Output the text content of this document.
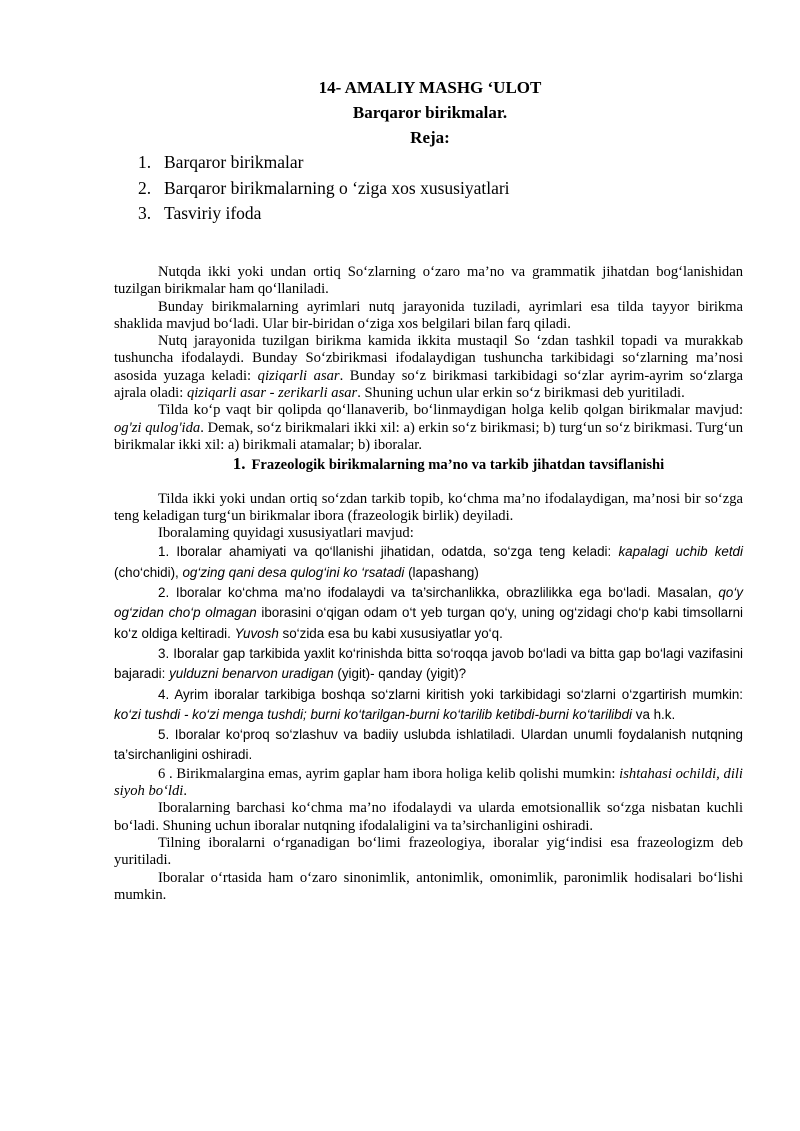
14- AMALIY MASHG ‘ULOT
Barqaror birikmalar.
Reja:
1. Barqaror birikmalar
2. Barqaror birikmalarning o ‘ziga xos xususiyatlari
3. Tasviriy ifoda

Nutqda ikki yoki undan ortiq So‘zlarning o‘zaro ma’no va grammatik jihatdan bog‘lanishidan tuzilgan birikmalar ham qo‘llaniladi.

Bunday birikmalarning ayrimlari nutq jarayonida tuziladi, ayrimlari esa tilda tayyor birikma shaklida mavjud bo‘ladi. Ular bir-biridan o‘ziga xos belgilari bilan farq qiladi.

Nutq jarayonida tuzilgan birikma kamida ikkita mustaqil So ‘zdan tashkil topadi va murakkab tushuncha ifodalaydi. Bunday So‘zbirikmasi ifodalaydigan tushuncha tarkibidagi so‘zlarning ma’nosi asosida yuzaga keladi: qiziqarli asar. Bunday so‘z birikmasi tarkibidagi so‘zlar ayrim-ayrim so‘zlarga ajrala oladi: qiziqarli asar - zerikarli asar. Shuning uchun ular erkin so‘z birikmasi deb yuritiladi.

Tilda ko‘p vaqt bir qolipda qo‘llanaverib, bo‘linmaydigan holga kelib qolgan birikmalar mavjud: og'zi qulog'ida. Demak, so‘z birikmalari ikki xil: a) erkin so‘z birikmasi; b) turg‘un so‘z birikmasi. Turg‘un birikmalar ikki xil: a) birikmali atamalar; b) iboralar.

1. Frazeologik birikmalarning ma’no va tarkib jihatdan tavsiflanishi

Tilda ikki yoki undan ortiq so‘zdan tarkib topib, ko‘chma ma’no ifodalaydigan, ma’nosi bir so‘zga teng keladigan turg‘un birikmalar ibora (frazeologik birlik) deyiladi.

Iboralaming quyidagi xususiyatlari mavjud:

1. Iboralar ahamiyati va qo‘llanishi jihatidan, odatda, so‘zga teng keladi: kapalagi uchib ketdi (cho‘chidi), og‘zing qani desa qulog‘ini ko ‘rsatadi (lapashang)

2. Iboralar ko‘chma ma’no ifodalaydi va ta’sirchanlikka, obrazlilikka ega bo‘ladi. Masalan, qo‘y og‘zidan cho‘p olmagan iborasini o‘qigan odam o‘t yeb turgan qo‘y, uning og‘zidagi cho‘p kabi timsollarni ko‘z oldiga keltiradi. Yuvosh so‘zida esa bu kabi xususiyatlar yo‘q.

3. Iboralar gap tarkibida yaxlit ko‘rinishda bitta so‘roqqa javob bo‘ladi va bitta gap bo‘lagi vazifasini bajaradi: yulduzni benarvon uradigan (yigit)- qanday (yigit)?

4. Ayrim iboralar tarkibiga boshqa so‘zlarni kiritish yoki tarkibidagi so‘zlarni o‘zgartirish mumkin: ko‘zi tushdi - ko‘zi menga tushdi; burni ko‘tarilgan-burni ko‘tarilib ketibdi-burni ko‘tarilibdi va h.k.

5. Iboralar ko‘proq so‘zlashuv va badiiy uslubda ishlatiladi. Ulardan unumli foydalanish nutqning ta’sirchanligini oshiradi.

6 . Birikmalargina emas, ayrim gaplar ham ibora holiga kelib qolishi mumkin: ishtahasi ochildi, dili siyoh bo‘ldi.

Iboralarning barchasi ko‘chma ma’no ifodalaydi va ularda emotsionallik so‘zga nisbatan kuchli bo‘ladi. Shuning uchun iboralar nutqning ifodalaligini va ta’sirchanligini oshiradi.

Tilning iboralarni o‘rganadigan bo‘limi frazeologiya, iboralar yig‘indisi esa frazeologizm deb yuritiladi.

Iboralar o‘rtasida ham o‘zaro sinonimlik, antonimlik, omonimlik, paronimlik hodisalari bo‘lishi mumkin.
